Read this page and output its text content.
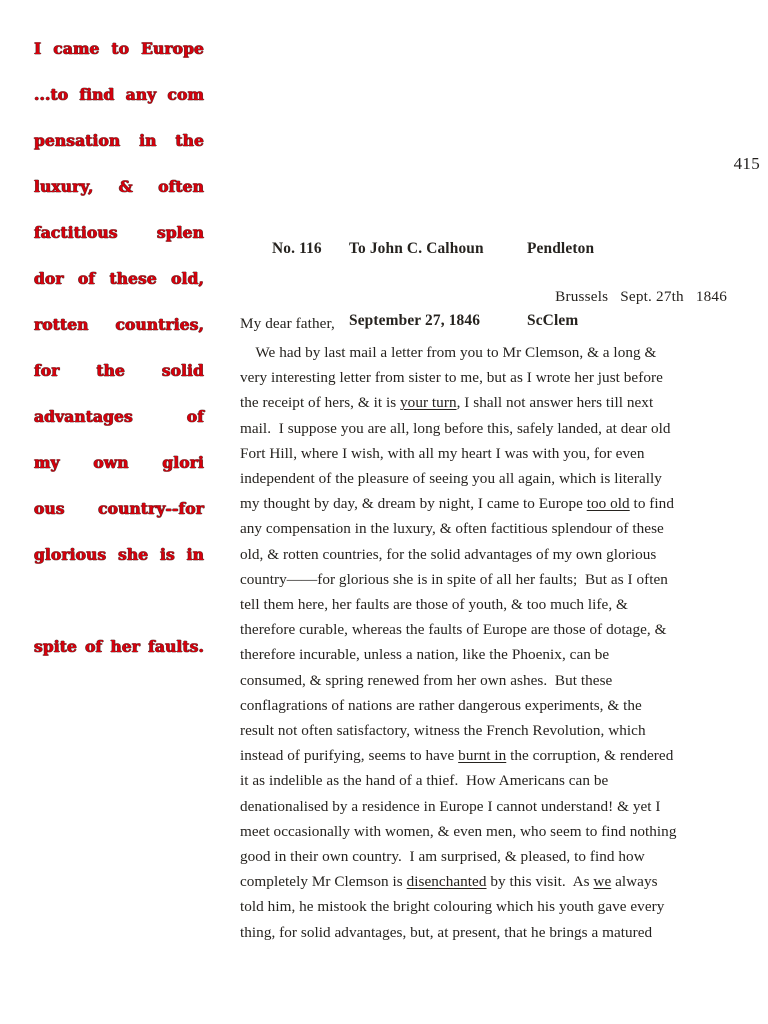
I came to Europe
...to find any com
pensation in the
luxury, & often
factitious splen
dor of these old,
rotten countries,
for the solid
advantages of
my own glori
ous country--for
glorious she is in
spite of her faults.
415

No. 116 To John C. Calhoun	Pendleton

September 27, 1846	ScClem

Brussels   Sept. 27th   1846
My dear father,
We had by last mail a letter from you to Mr Clemson, & a long &
very interesting letter from sister to me, but as I wrote her just before
the receipt of hers, & it is your turn, I shall not answer hers till next
mail.  I suppose you are all, long before this, safely landed, at dear old
Fort Hill, where I wish, with all my heart I was with you, for even
independent of the pleasure of seeing you all again, which is literally
my thought by day, & dream by night, I came to Europe too old to find
any compensation in the luxury, & often factitious splendour of these
old, & rotten countries, for the solid advantages of my own glorious
country——for glorious she is in spite of all her faults;  But as I often
tell them here, her faults are those of youth, & too much life, &
therefore curable, whereas the faults of Europe are those of dotage, &
therefore incurable, unless a nation, like the Phoenix, can be
consumed, & spring renewed from her own ashes.  But these
conflagrations of nations are rather dangerous experiments, & the
result not often satisfactory, witness the French Revolution, which
instead of purifying, seems to have burnt in the corruption, & rendered
it as indelible as the hand of a thief.  How Americans can be
denationalised by a residence in Europe I cannot understand! & yet I
meet occasionally with women, & even men, who seem to find nothing
good in their own country.  I am surprised, & pleased, to find how
completely Mr Clemson is disenchanted by this visit.  As we always
told him, he mistook the bright colouring which his youth gave every
thing, for solid advantages, but, at present, that he brings a matured
